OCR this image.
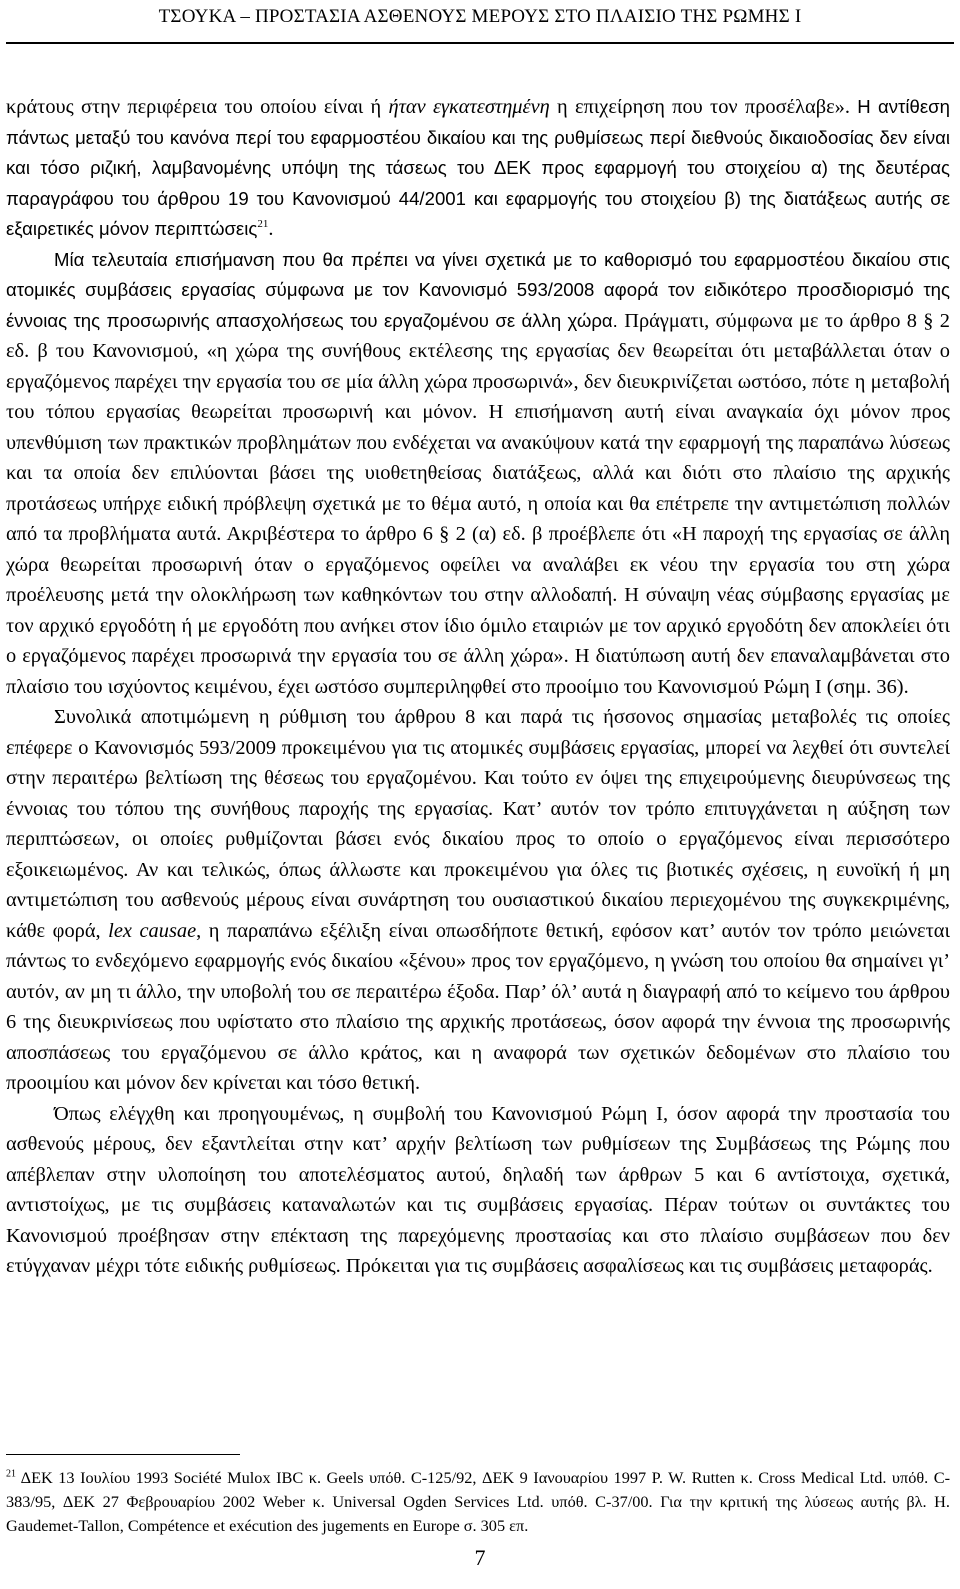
ΤΣΟΥΚΑ – ΠΡΟΣΤΑΣΙΑ ΑΣΘΕΝΟΥΣ ΜΕΡΟΥΣ ΣΤΟ ΠΛΑΙΣΙΟ ΤΗΣ ΡΩΜΗΣ Ι

κράτους στην περιφέρεια του οποίου είναι ή ήταν εγκατεστημένη η επιχείρηση που τον προσέλαβε». Η αντίθεση πάντως μεταξύ του κανόνα περί του εφαρμοστέου δικαίου και της ρυθμίσεως περί διεθνούς δικαιοδοσίας δεν είναι και τόσο ριζική, λαμβανομένης υπόψη της τάσεως του ΔΕΚ προς εφαρμογή του στοιχείου α) της δευτέρας παραγράφου του άρθρου 19 του Κανονισμού 44/2001 και εφαρμογής του στοιχείου β) της διατάξεως αυτής σε εξαιρετικές μόνον περιπτώσεις$^{21}$.

Μία τελευταία επισήμανση που θα πρέπει να γίνει σχετικά με το καθορισμό του εφαρμοστέου δικαίου στις ατομικές συμβάσεις εργασίας σύμφωνα με τον Κανονισμό 593/2008 αφορά τον ειδικότερο προσδιορισμό της έννοιας της προσωρινής απασχολήσεως του εργαζομένου σε άλλη χώρα. Πράγματι, σύμφωνα με το άρθρο 8 § 2 εδ. β του Κανονισμού, «η χώρα της συνήθους εκτέλεσης της εργασίας δεν θεωρείται ότι μεταβάλλεται όταν ο εργαζόμενος παρέχει την εργασία του σε μία άλλη χώρα προσωρινά», δεν διευκρινίζεται ωστόσο, πότε η μεταβολή του τόπου εργασίας θεωρείται προσωρινή και μόνον. Η επισήμανση αυτή είναι αναγκαία όχι μόνον προς υπενθύμιση των πρακτικών προβλημάτων που ενδέχεται να ανακύψουν κατά την εφαρμογή της παραπάνω λύσεως και τα οποία δεν επιλύονται βάσει της υιοθετηθείσας διατάξεως, αλλά και διότι στο πλαίσιο της αρχικής προτάσεως υπήρχε ειδική πρόβλεψη σχετικά με το θέμα αυτό, η οποία και θα επέτρεπε την αντιμετώπιση πολλών από τα προβλήματα αυτά. Ακριβέστερα το άρθρο 6 § 2 (α) εδ. β προέβλεπε ότι «Η παροχή της εργασίας σε άλλη χώρα θεωρείται προσωρινή όταν ο εργαζόμενος οφείλει να αναλάβει εκ νέου την εργασία του στη χώρα προέλευσης μετά την ολοκλήρωση των καθηκόντων του στην αλλοδαπή. Η σύναψη νέας σύμβασης εργασίας με τον αρχικό εργοδότη ή με εργοδότη που ανήκει στον ίδιο όμιλο εταιριών με τον αρχικό εργοδότη δεν αποκλείει ότι ο εργαζόμενος παρέχει προσωρινά την εργασία του σε άλλη χώρα». Η διατύπωση αυτή δεν επαναλαμβάνεται στο πλαίσιο του ισχύοντος κειμένου, έχει ωστόσο συμπεριληφθεί στο προοίμιο του Κανονισμού Ρώμη Ι (σημ. 36).

Συνολικά αποτιμώμενη η ρύθμιση του άρθρου 8 και παρά τις ήσσονος σημασίας μεταβολές τις οποίες επέφερε ο Κανονισμός 593/2009 προκειμένου για τις ατομικές συμβάσεις εργασίας, μπορεί να λεχθεί ότι συντελεί στην περαιτέρω βελτίωση της θέσεως του εργαζομένου. Και τούτο εν όψει της επιχειρούμενης διευρύνσεως της έννοιας του τόπου της συνήθους παροχής της εργασίας. Κατ’ αυτόν τον τρόπο επιτυγχάνεται η αύξηση των περιπτώσεων, οι οποίες ρυθμίζονται βάσει ενός δικαίου προς το οποίο ο εργαζόμενος είναι περισσότερο εξοικειωμένος. Αν και τελικώς, όπως άλλωστε και προκειμένου για όλες τις βιοτικές σχέσεις, η ευνοϊκή ή μη αντιμετώπιση του ασθενούς μέρους είναι συνάρτηση του ουσιαστικού δικαίου περιεχομένου της συγκεκριμένης, κάθε φορά, lex causae, η παραπάνω εξέλιξη είναι οπωσδήποτε θετική, εφόσον κατ’ αυτόν τον τρόπο μειώνεται πάντως το ενδεχόμενο εφαρμογής ενός δικαίου «ξένου» προς τον εργαζόμενο, η γνώση του οποίου θα σημαίνει γι’ αυτόν, αν μη τι άλλο, την υποβολή του σε περαιτέρω έξοδα. Παρ’ όλ’ αυτά η διαγραφή από το κείμενο του άρθρου 6 της διευκρινίσεως που υφίστατο στο πλαίσιο της αρχικής προτάσεως, όσον αφορά την έννοια της προσωρινής αποσπάσεως του εργαζόμενου σε άλλο κράτος, και η αναφορά των σχετικών δεδομένων στο πλαίσιο του προοιμίου και μόνον δεν κρίνεται και τόσο θετική.

Όπως ελέγχθη και προηγουμένως, η συμβολή του Κανονισμού Ρώμη Ι, όσον αφορά την προστασία του ασθενούς μέρους, δεν εξαντλείται στην κατ’ αρχήν βελτίωση των ρυθμίσεων της Συμβάσεως της Ρώμης που απέβλεπαν στην υλοποίηση του αποτελέσματος αυτού, δηλαδή των άρθρων 5 και 6 αντίστοιχα, σχετικά, αντιστοίχως, με τις συμβάσεις καταναλωτών και τις συμβάσεις εργασίας. Πέραν τούτων οι συντάκτες του Κανονισμού προέβησαν στην επέκταση της παρεχόμενης προστασίας και στο πλαίσιο συμβάσεων που δεν ετύγχαναν μέχρι τότε ειδικής ρυθμίσεως. Πρόκειται για τις συμβάσεις ασφαλίσεως και τις συμβάσεις μεταφοράς.

$^{21}$ ΔΕΚ 13 Ιουλίου 1993 Société Mulox IBC κ. Geels υπόθ. C-125/92, ΔΕΚ 9 Ιανουαρίου 1997 P. W. Rutten κ. Cross Medical Ltd. υπόθ. C-383/95, ΔΕΚ 27 Φεβρουαρίου 2002 Weber κ. Universal Ogden Services Ltd. υπόθ. C-37/00. Για την κριτική της λύσεως αυτής βλ. H. Gaudemet-Tallon, Compétence et exécution des jugements en Europe σ. 305 επ.
7
